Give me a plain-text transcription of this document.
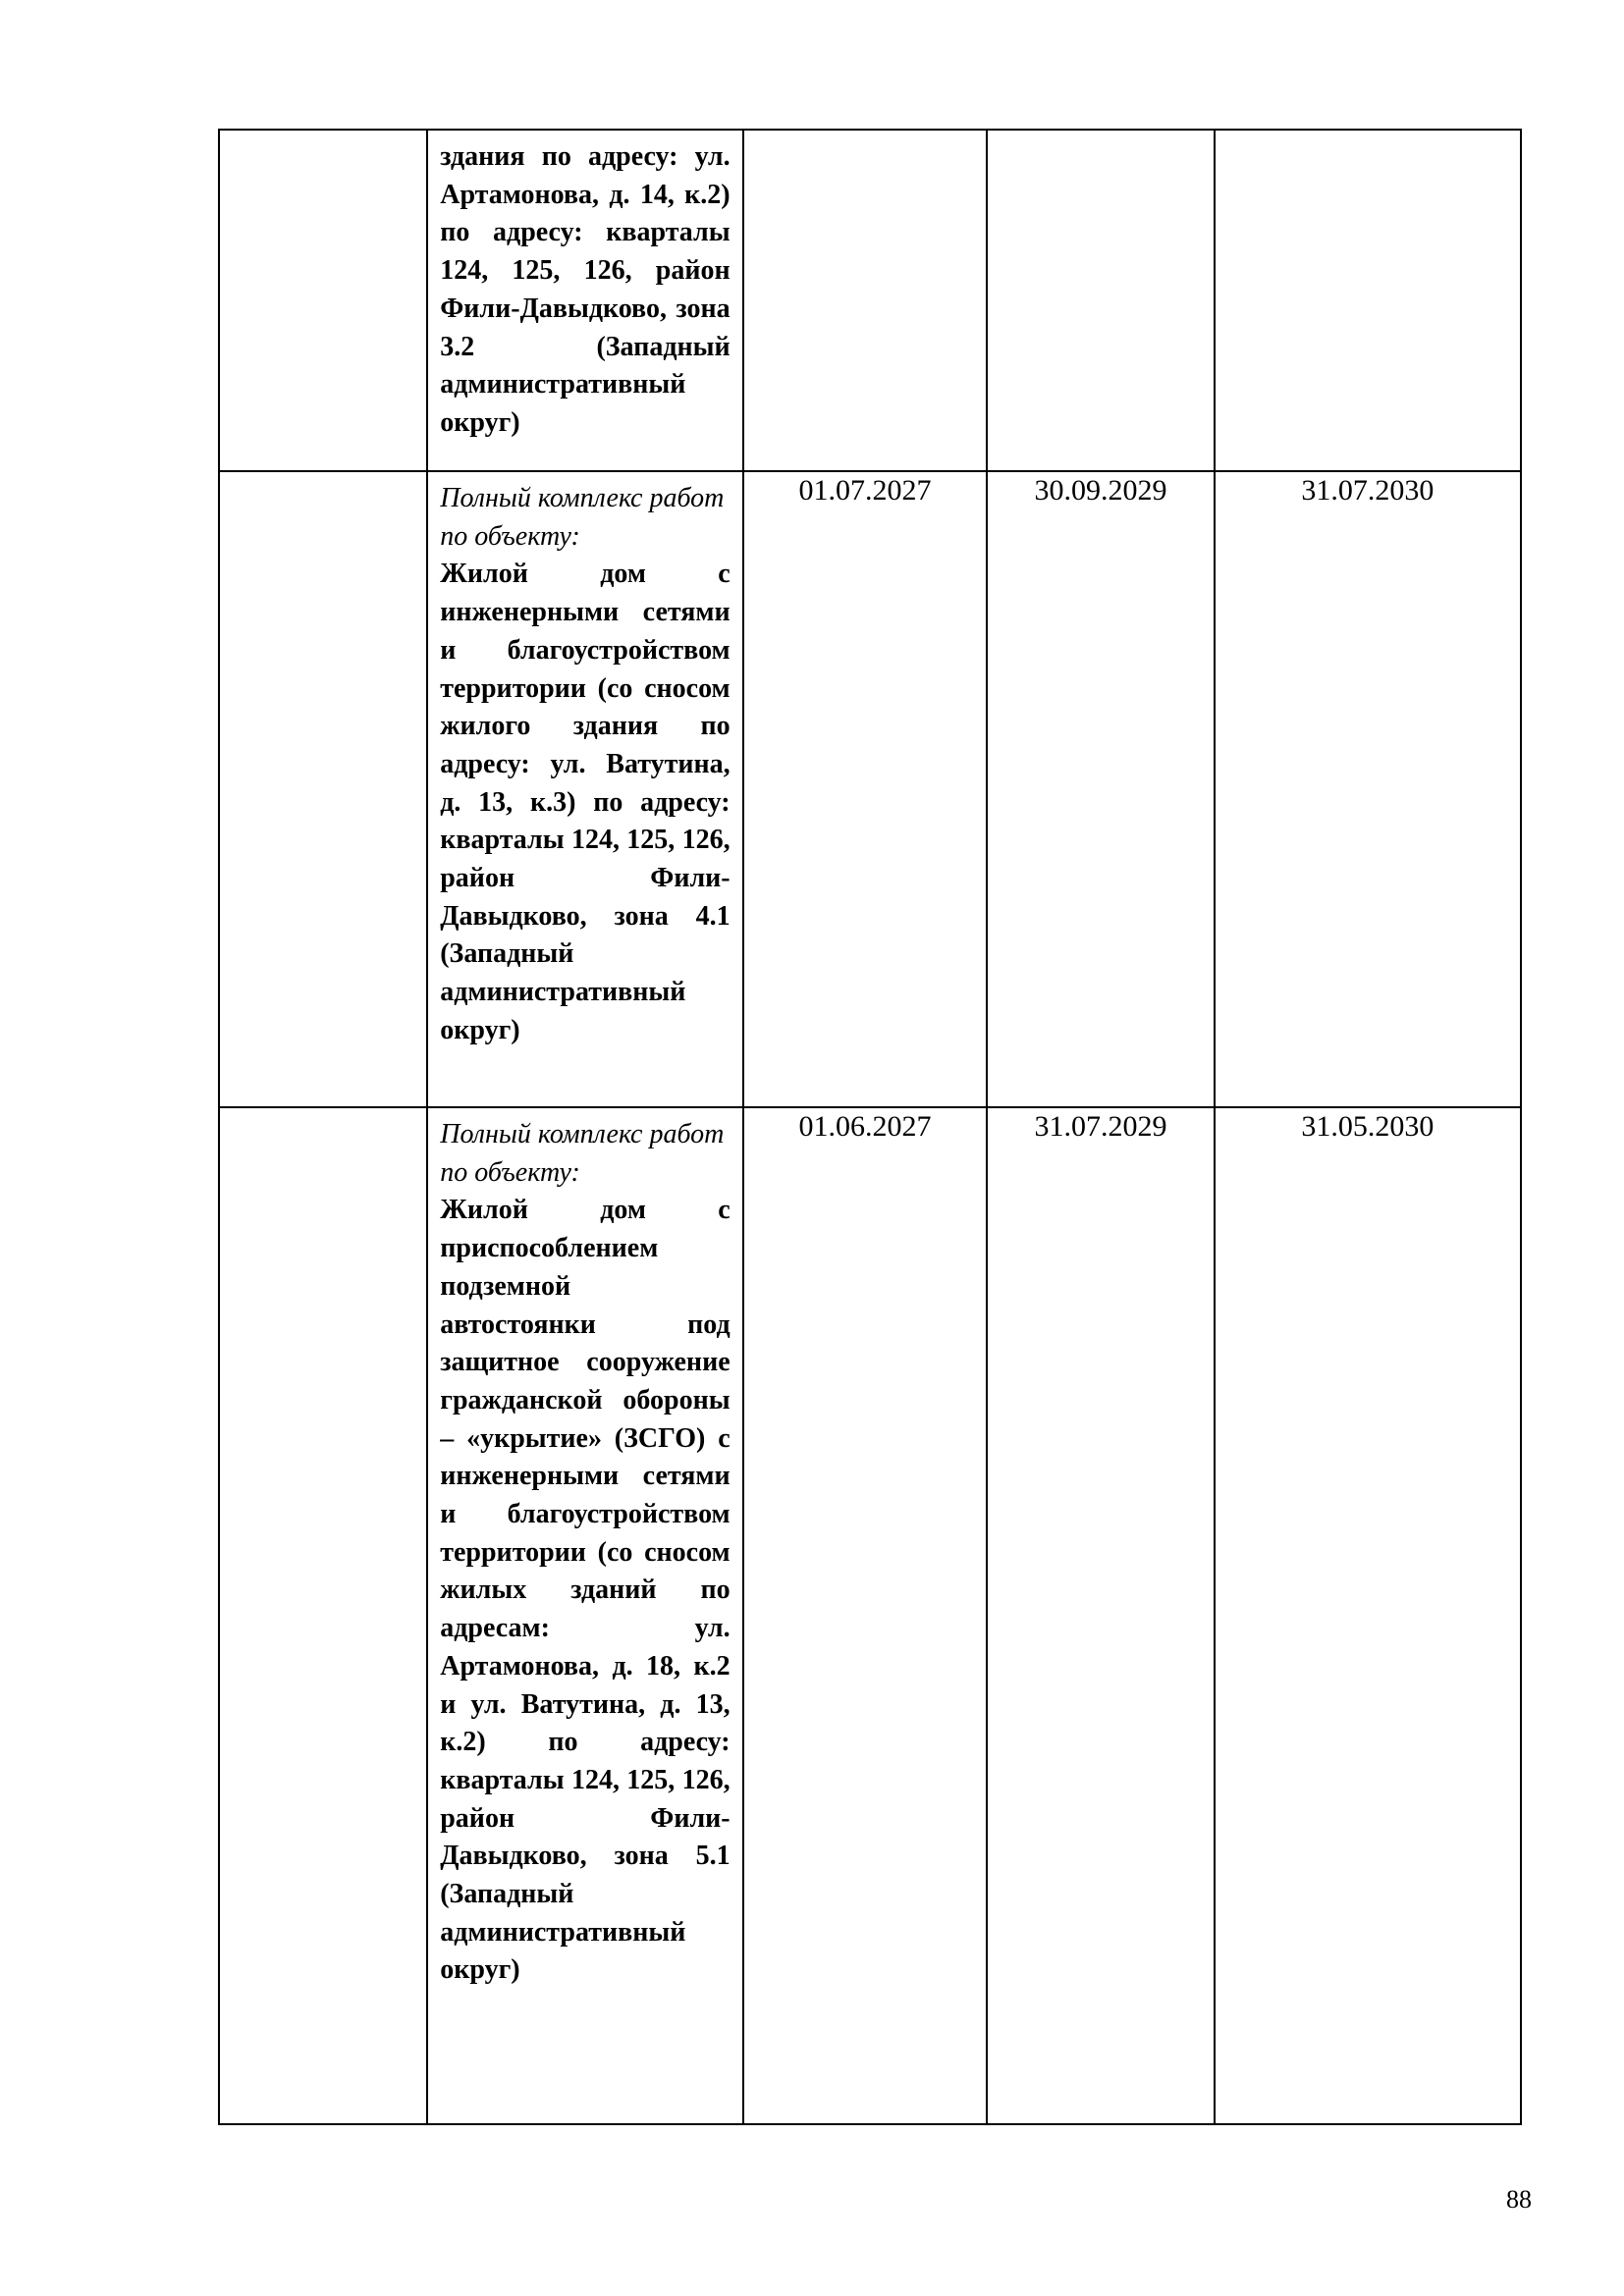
	здания по адресу: ул. Артамонова, д. 14, к.2) по адресу: кварталы 124, 125, 126, район Фили-Давыдково, зона 3.2 (Западный административный округ)			

	Полный комплекс работ по объекту:
Жилой дом с инженерными сетями и благоустройством территории (со сносом жилого здания по адресу: ул. Ватутина, д. 13, к.3) по адресу: кварталы 124, 125, 126, район Фили-Давыдково, зона 4.1 (Западный административный округ)	01.07.2027	30.09.2029	31.07.2030

	Полный комплекс работ по объекту:
Жилой дом с приспособлением подземной автостоянки под защитное сооружение гражданской обороны – «укрытие» (ЗСГО) с инженерными сетями и благоустройством территории (со сносом жилых зданий по адресам: ул. Артамонова, д. 18, к.2 и ул. Ватутина, д. 13, к.2) по адресу: кварталы 124, 125, 126, район Фили-Давыдково, зона 5.1 (Западный административный округ)	01.06.2027	31.07.2029	31.05.2030
88
